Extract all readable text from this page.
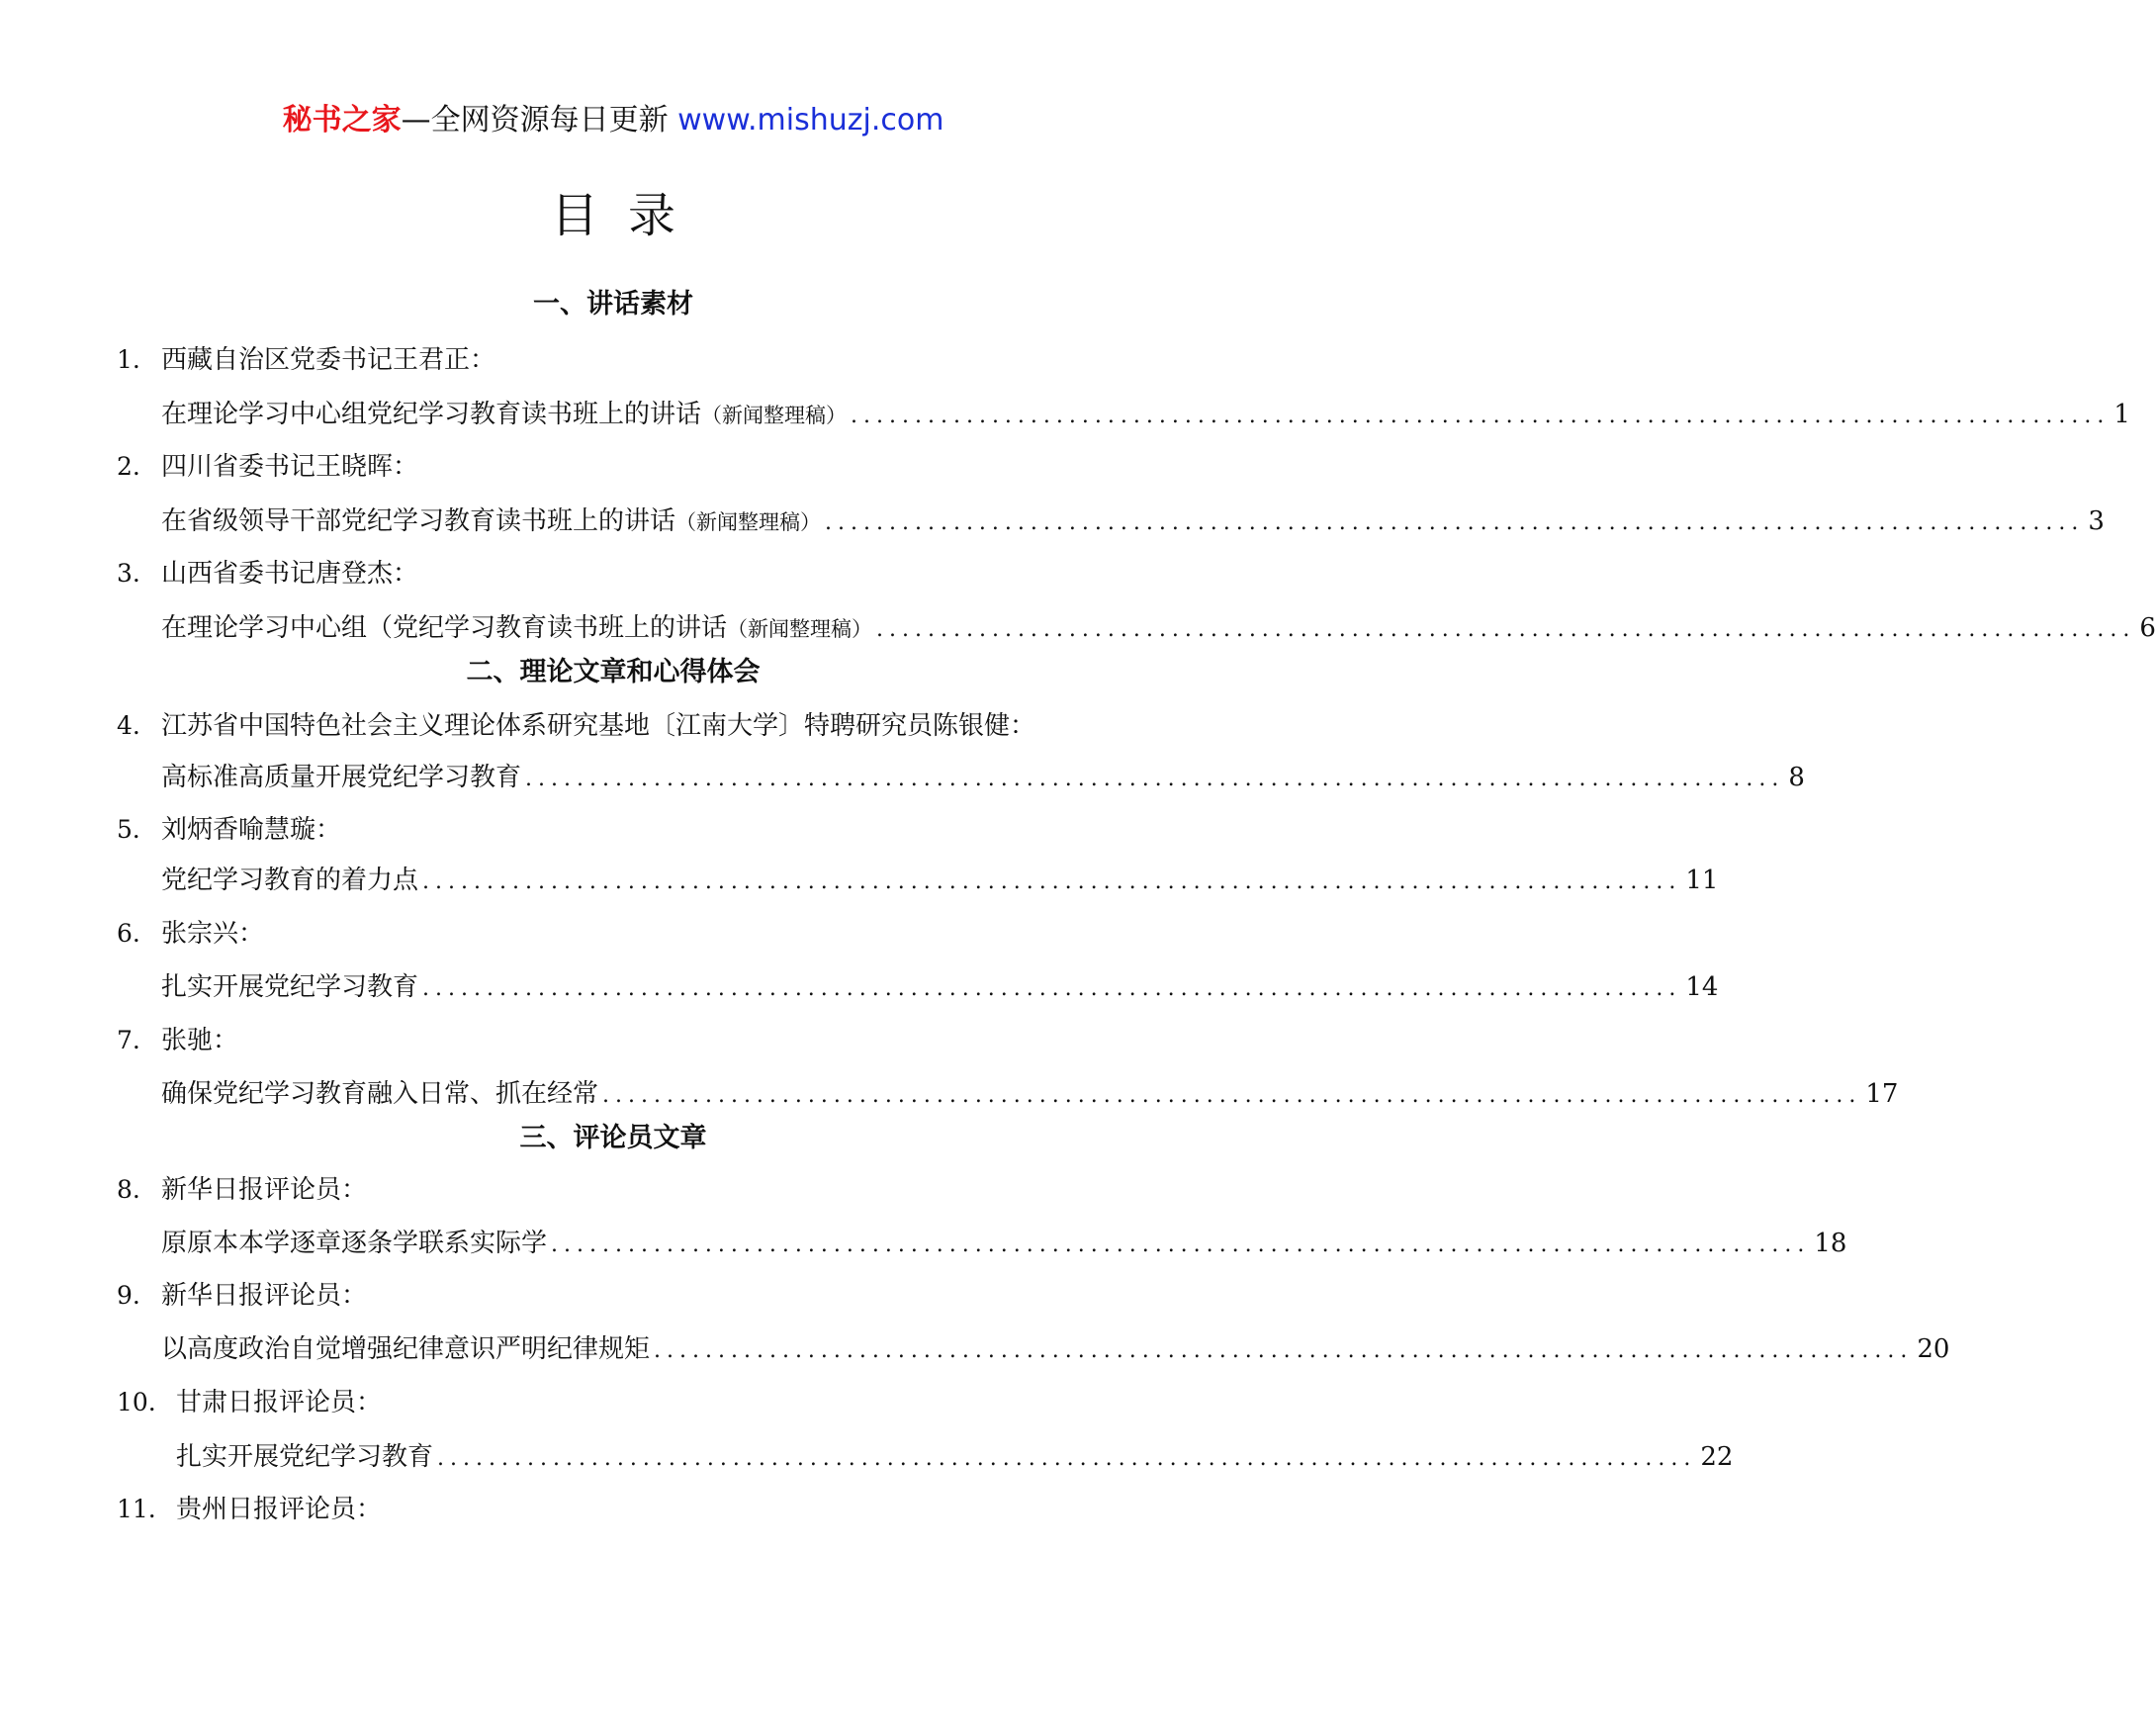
秘书之家—全网资源每日更新 www.mishuzj.com
目录
一、讲话素材
1. 西藏自治区党委书记王君正：
在理论学习中心组党纪学习教育读书班上的讲话 （新闻整理稿） .................................................................................................. 1
2. 四川省委书记王晓晖：
在省级领导干部党纪学习教育读书班上的讲话 （新闻整理稿） .................................................................................................. 3
3. 山西省委书记唐登杰：
在理论学习中心组（党纪学习教育读书班上的讲话 （新闻整理稿） .................................................................................................. 6
二、理论文章和心得体会
4. 江苏省中国特色社会主义理论体系研究基地〔江南大学〕特聘研究员陈银健：
高标准高质量开展党纪学习教育 .................................................................................................. 8
5． 刘炳香喻慧璇：
党纪学习教育的着力点 .................................................................................................. 11
6. 张宗兴：
扎实开展党纪学习教育 .................................................................................................. 14
7. 张驰：
确保党纪学习教育融入日常、抓在经常 .................................................................................................. 17
三、评论员文章
8. 新华日报评论员：
原原本本学逐章逐条学联系实际学 .................................................................................................. 18
9. 新华日报评论员：
以高度政治自觉增强纪律意识严明纪律规矩 .................................................................................................. 20
10. 甘肃日报评论员：
扎实开展党纪学习教育 .................................................................................................. 22
11. 贵州日报评论员：
